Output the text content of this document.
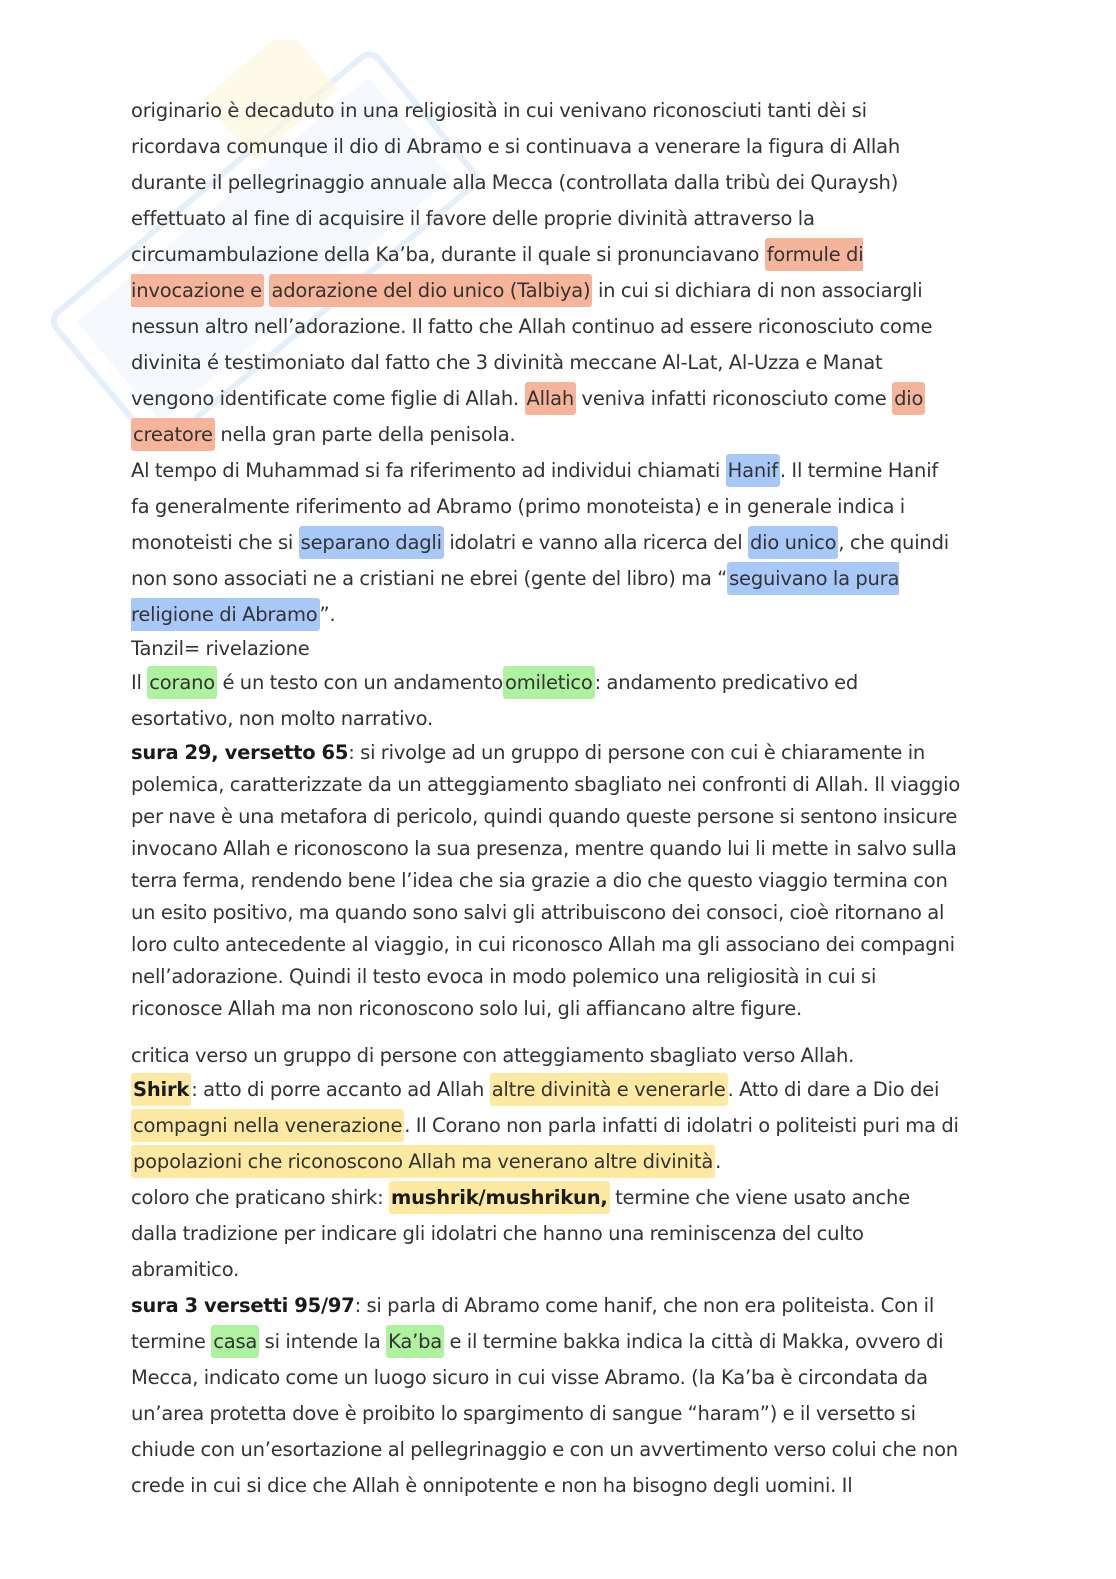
originario è decaduto in una religiosità in cui venivano riconosciuti tanti dèi si ricordava comunque il dio di Abramo e si continuava a venerare la figura di Allah durante il pellegrinaggio annuale alla Mecca (controllata dalla tribù dei Quraysh) effettuato al fine di acquisire il favore delle proprie divinità attraverso la circumambulazione della Ka’ba, durante il quale si pronunciavano formule di invocazione e adorazione del dio unico (Talbiya) in cui si dichiara di non associargli nessun altro nell’adorazione. Il fatto che Allah continuo ad essere riconosciuto come divinita é testimoniato dal fatto che 3 divinità meccane Al-Lat, Al-Uzza e Manat vengono identificate come figlie di Allah. Allah veniva infatti riconosciuto come dio creatore nella gran parte della penisola.

Al tempo di Muhammad si fa riferimento ad individui chiamati Hanif . Il termine Hanif fa generalmente riferimento ad Abramo (primo monoteista) e in generale indica i monoteisti che si separano dagli idolatri e vanno alla ricerca del dio unico , che quindi non sono associati ne a cristiani ne ebrei (gente del libro) ma “ seguivano la pura religione di Abramo ”.

Tanzil= rivelazione

Il corano é un testo con un andamento omiletico : andamento predicativo ed esortativo, non molto narrativo.

sura 29, versetto 65: si rivolge ad un gruppo di persone con cui è chiaramente in polemica, caratterizzate da un atteggiamento sbagliato nei confronti di Allah. Il viaggio per nave è una metafora di pericolo, quindi quando queste persone si sentono insicure invocano Allah e riconoscono la sua presenza, mentre quando lui li mette in salvo sulla terra ferma, rendendo bene l’idea che sia grazie a dio che questo viaggio termina con un esito positivo, ma quando sono salvi gli attribuiscono dei consoci, cioè ritornano al loro culto antecedente al viaggio, in cui riconosco Allah ma gli associano dei compagni nell’adorazione. Quindi il testo evoca in modo polemico una religiosità in cui si riconosce Allah ma non riconoscono solo lui, gli affiancano altre figure.

critica verso un gruppo di persone con atteggiamento sbagliato verso Allah.

Shirk : atto di porre accanto ad Allah altre divinità e venerarle . Atto di dare a Dio dei compagni nella venerazione . Il Corano non parla infatti di idolatri o politeisti puri ma di popolazioni che riconoscono Allah ma venerano altre divinità .

coloro che praticano shirk: mushrik/mushrikun, termine che viene usato anche dalla tradizione per indicare gli idolatri che hanno una reminiscenza del culto abramitico.

sura 3 versetti 95/97: si parla di Abramo come hanif, che non era politeista. Con il termine casa si intende la Ka’ba e il termine bakka indica la città di Makka, ovvero di Mecca, indicato come un luogo sicuro in cui visse Abramo. (la Ka’ba è circondata da un’area protetta dove è proibito lo spargimento di sangue “haram”) e il versetto si chiude con un’esortazione al pellegrinaggio e con un avvertimento verso colui che non crede in cui si dice che Allah è onnipotente e non ha bisogno degli uomini. Il
